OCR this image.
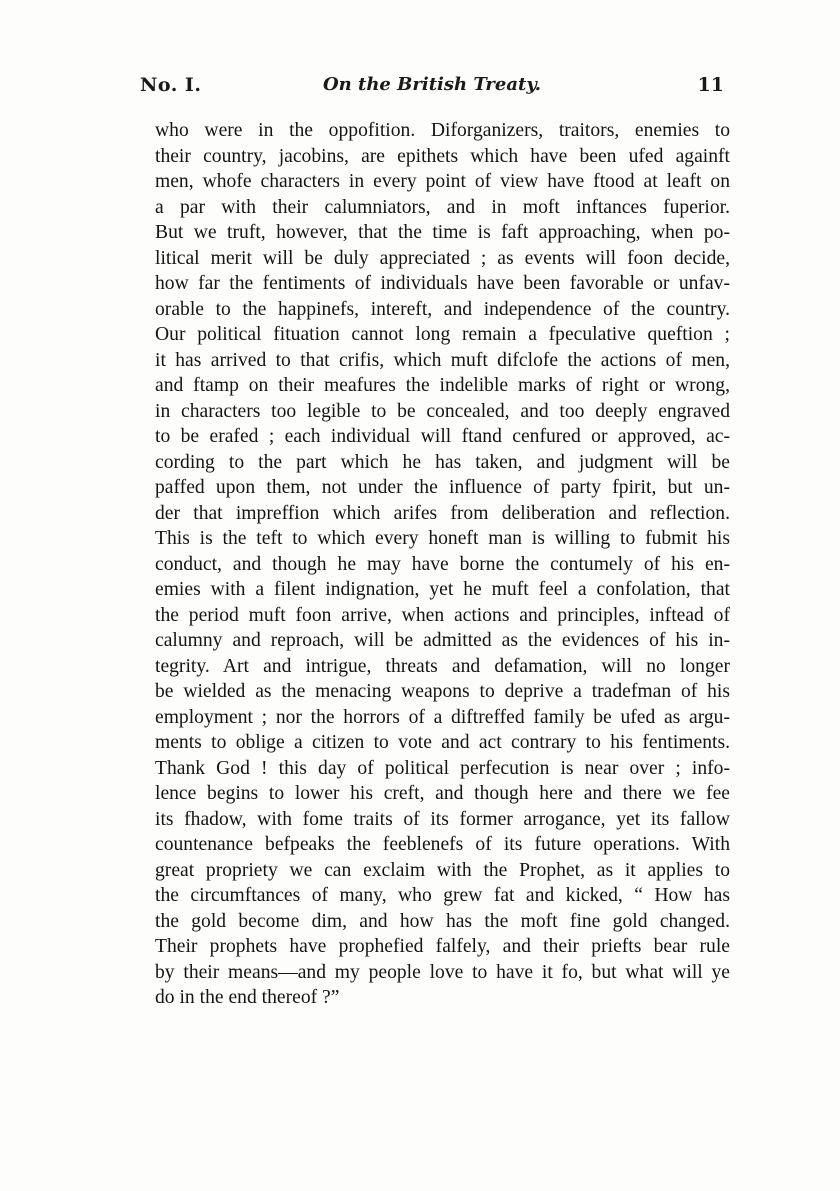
No. I.	On the British Treaty.	11
who were in the oppofition. Diforganizers, traitors, enemies to
their country, jacobins, are epithets which have been ufed againft
men, whofe characters in every point of view have ftood at leaft on
a par with their calumniators, and in moft inftances fuperior.
But we truft, however, that the time is faft approaching, when po-
litical merit will be duly appreciated ; as events will foon decide,
how far the fentiments of individuals have been favorable or unfav-
orable to the happinefs, intereft, and independence of the country.
Our political fituation cannot long remain a fpeculative queftion ;
it has arrived to that crifis, which muft difclofe the actions of men,
and ftamp on their meafures the indelible marks of right or wrong,
in characters too legible to be concealed, and too deeply engraved
to be erafed ; each individual will ftand cenfured or approved, ac-
cording to the part which he has taken, and judgment will be
paffed upon them, not under the influence of party fpirit, but un-
der that impreffion which arifes from deliberation and reflection.
This is the teft to which every honeft man is willing to fubmit his
conduct, and though he may have borne the contumely of his en-
emies with a filent indignation, yet he muft feel a confolation, that
the period muft foon arrive, when actions and principles, inftead of
calumny and reproach, will be admitted as the evidences of his in-
tegrity. Art and intrigue, threats and defamation, will no longer
be wielded as the menacing weapons to deprive a tradefman of his
employment ; nor the horrors of a diftreffed family be ufed as argu-
ments to oblige a citizen to vote and act contrary to his fentiments.
Thank God ! this day of political perfecution is near over ; info-
lence begins to lower his creft, and though here and there we fee
its fhadow, with fome traits of its former arrogance, yet its fallow
countenance befpeaks the feeblenefs of its future operations. With
great propriety we can exclaim with the Prophet, as it applies to
the circumftances of many, who grew fat and kicked, “ How has
the gold become dim, and how has the moft fine gold changed.
Their prophets have prophefied falfely, and their priefts bear rule
by their means—and my people love to have it fo, but what will ye
do in the end thereof ?”
